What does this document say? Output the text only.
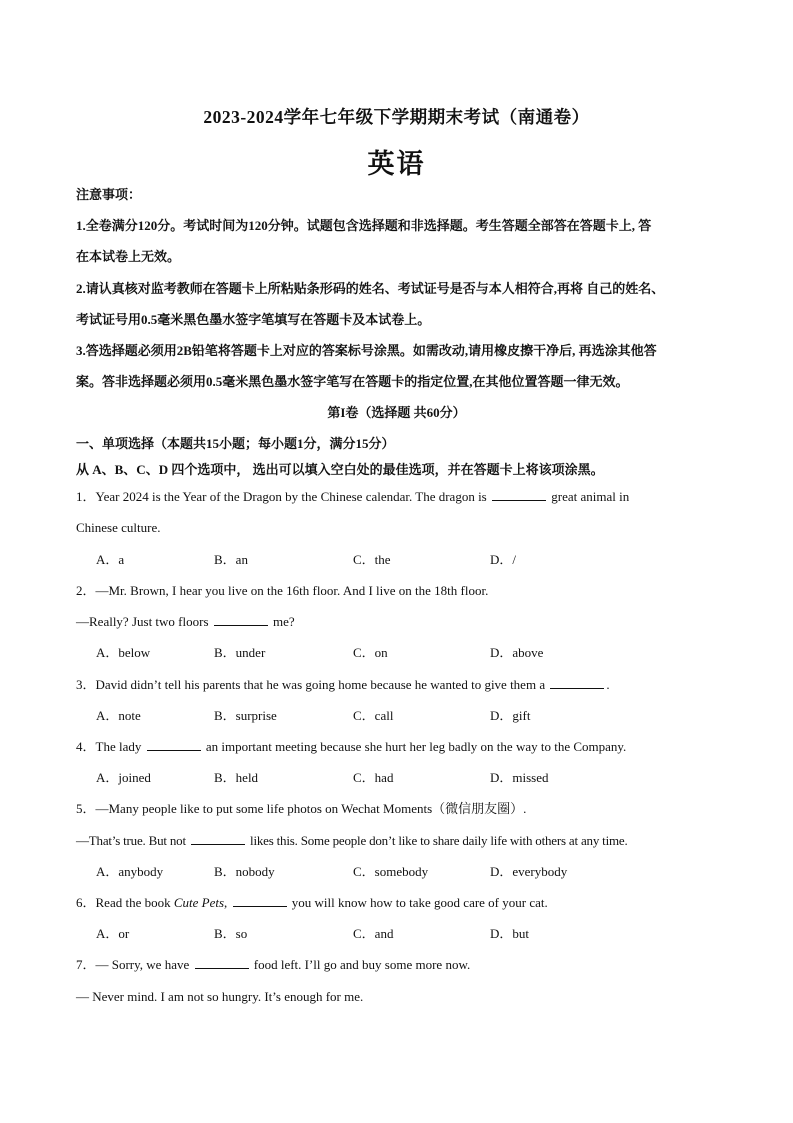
2023-2024学年七年级下学期期末考试（南通卷）
英语
注意事项：
1.全卷满分120分。考试时间为120分钟。试题包含选择题和非选择题。考生答题全部答在答题卡上, 答
在本试卷上无效。
2.请认真核对监考教师在答题卡上所粘贴条形码的姓名、考试证号是否与本人相符合,再将 自己的姓名、
考试证号用0.5毫米黑色墨水签字笔填写在答题卡及本试卷上。
3.答选择题必须用2B铅笔将答题卡上对应的答案标号涂黑。如需改动,请用橡皮擦干净后, 再选涂其他答
案。答非选择题必须用0.5毫米黑色墨水签字笔写在答题卡的指定位置,在其他位置答题一律无效。
第I卷（选择题 共60分）
一、单项选择（本题共15小题；每小题1分，满分15分）
从 A、B、C、D 四个选项中， 选出可以填入空白处的最佳选项，并在答题卡上将该项涂黑。
1．Year 2024 is the Year of the Dragon by the Chinese calendar. The dragon is	great animal in
Chinese culture.
A．a	B．an	C．the	D．/
2．—Mr. Brown, I hear you live on the 16th floor. And I live on the 18th floor.
—Really? Just two floors	me?
A．below	B．under	C．on	D．above
3．David didn’t tell his parents that he was going home because he wanted to give them a	.
A．note	B．surprise	C．call	D．gift
4．The lady	an important meeting because she hurt her leg badly on the way to the Company.
A．joined	B．held	C．had	D．missed
5．—Many people like to put some life photos on Wechat Moments（微信朋友圈）.
—That’s true. But not	likes this. Some people don’t like to share daily life with others at any time.
A．anybody	B．nobody	C．somebody	D．everybody
6．Read the book Cute Pets,	you will know how to take good care of your cat.
A．or	B．so	C．and	D．but
7．— Sorry, we have	food left. I’ll go and buy some more now.
— Never mind. I am not so hungry. It’s enough for me.
